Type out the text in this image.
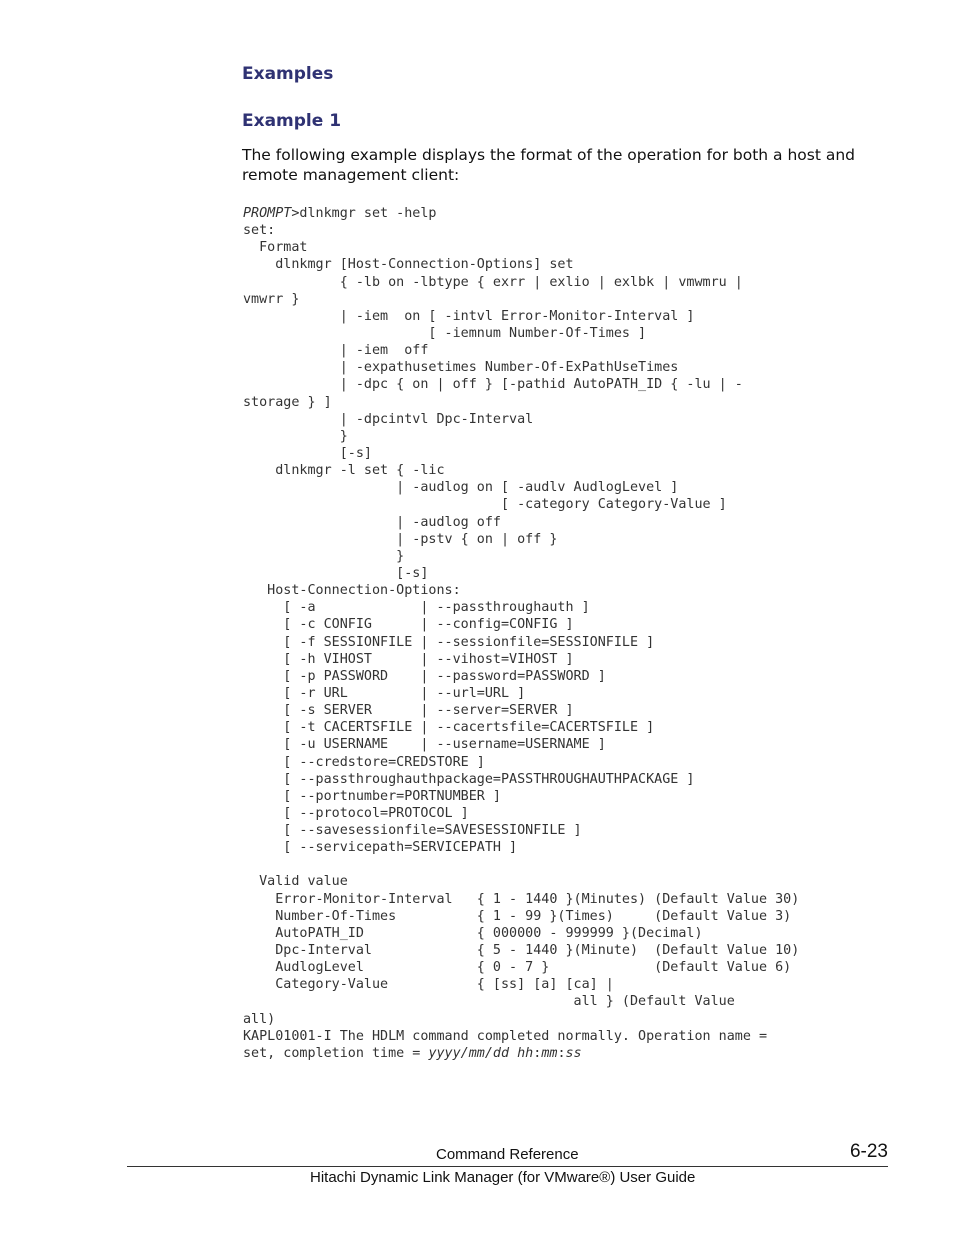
Examples
Example 1

The following example displays the format of the operation for both a host and remote management client:

PROMPT>dlnkmgr set -help
set:
Format
dlnkmgr [Host-Connection-Options] set
{ -lb on -lbtype { exrr | exlio | exlbk | vmwmru |
vmwrr }
| -iem  on [ -intvl Error-Monitor-Interval ]
[ -iemnum Number-Of-Times ]
| -iem  off
| -expathusetimes Number-Of-ExPathUseTimes
| -dpc { on | off } [-pathid AutoPATH_ID { -lu | -
storage } ]
| -dpcintvl Dpc-Interval
}
[-s]
dlnkmgr -l set { -lic
| -audlog on [ -audlv AudlogLevel ]
[ -category Category-Value ]
| -audlog off
| -pstv { on | off }
}
[-s]
Host-Connection-Options:
[ -a             | --passthroughauth ]
[ -c CONFIG      | --config=CONFIG ]
[ -f SESSIONFILE | --sessionfile=SESSIONFILE ]
[ -h VIHOST      | --vihost=VIHOST ]
[ -p PASSWORD    | --password=PASSWORD ]
[ -r URL         | --url=URL ]
[ -s SERVER      | --server=SERVER ]
[ -t CACERTSFILE | --cacertsfile=CACERTSFILE ]
[ -u USERNAME    | --username=USERNAME ]
[ --credstore=CREDSTORE ]
[ --passthroughauthpackage=PASSTHROUGHAUTHPACKAGE ]
[ --portnumber=PORTNUMBER ]
[ --protocol=PROTOCOL ]
[ --savesessionfile=SAVESESSIONFILE ]
[ --servicepath=SERVICEPATH ]
Valid value
Error-Monitor-Interval   { 1 - 1440 }(Minutes) (Default Value 30)
Number-Of-Times          { 1 - 99 }(Times)     (Default Value 3)
AutoPATH_ID              { 000000 - 999999 }(Decimal)
Dpc-Interval             { 5 - 1440 }(Minute)  (Default Value 10)
AudlogLevel              { 0 - 7 }             (Default Value 6)
Category-Value           { [ss] [a] [ca] |
all } (Default Value
all)
KAPL01001-I The HDLM command completed normally. Operation name =
set, completion time = yyyy/mm/dd hh:mm:ss
Command Reference	6-23
Hitachi Dynamic Link Manager (for VMware®) User Guide
